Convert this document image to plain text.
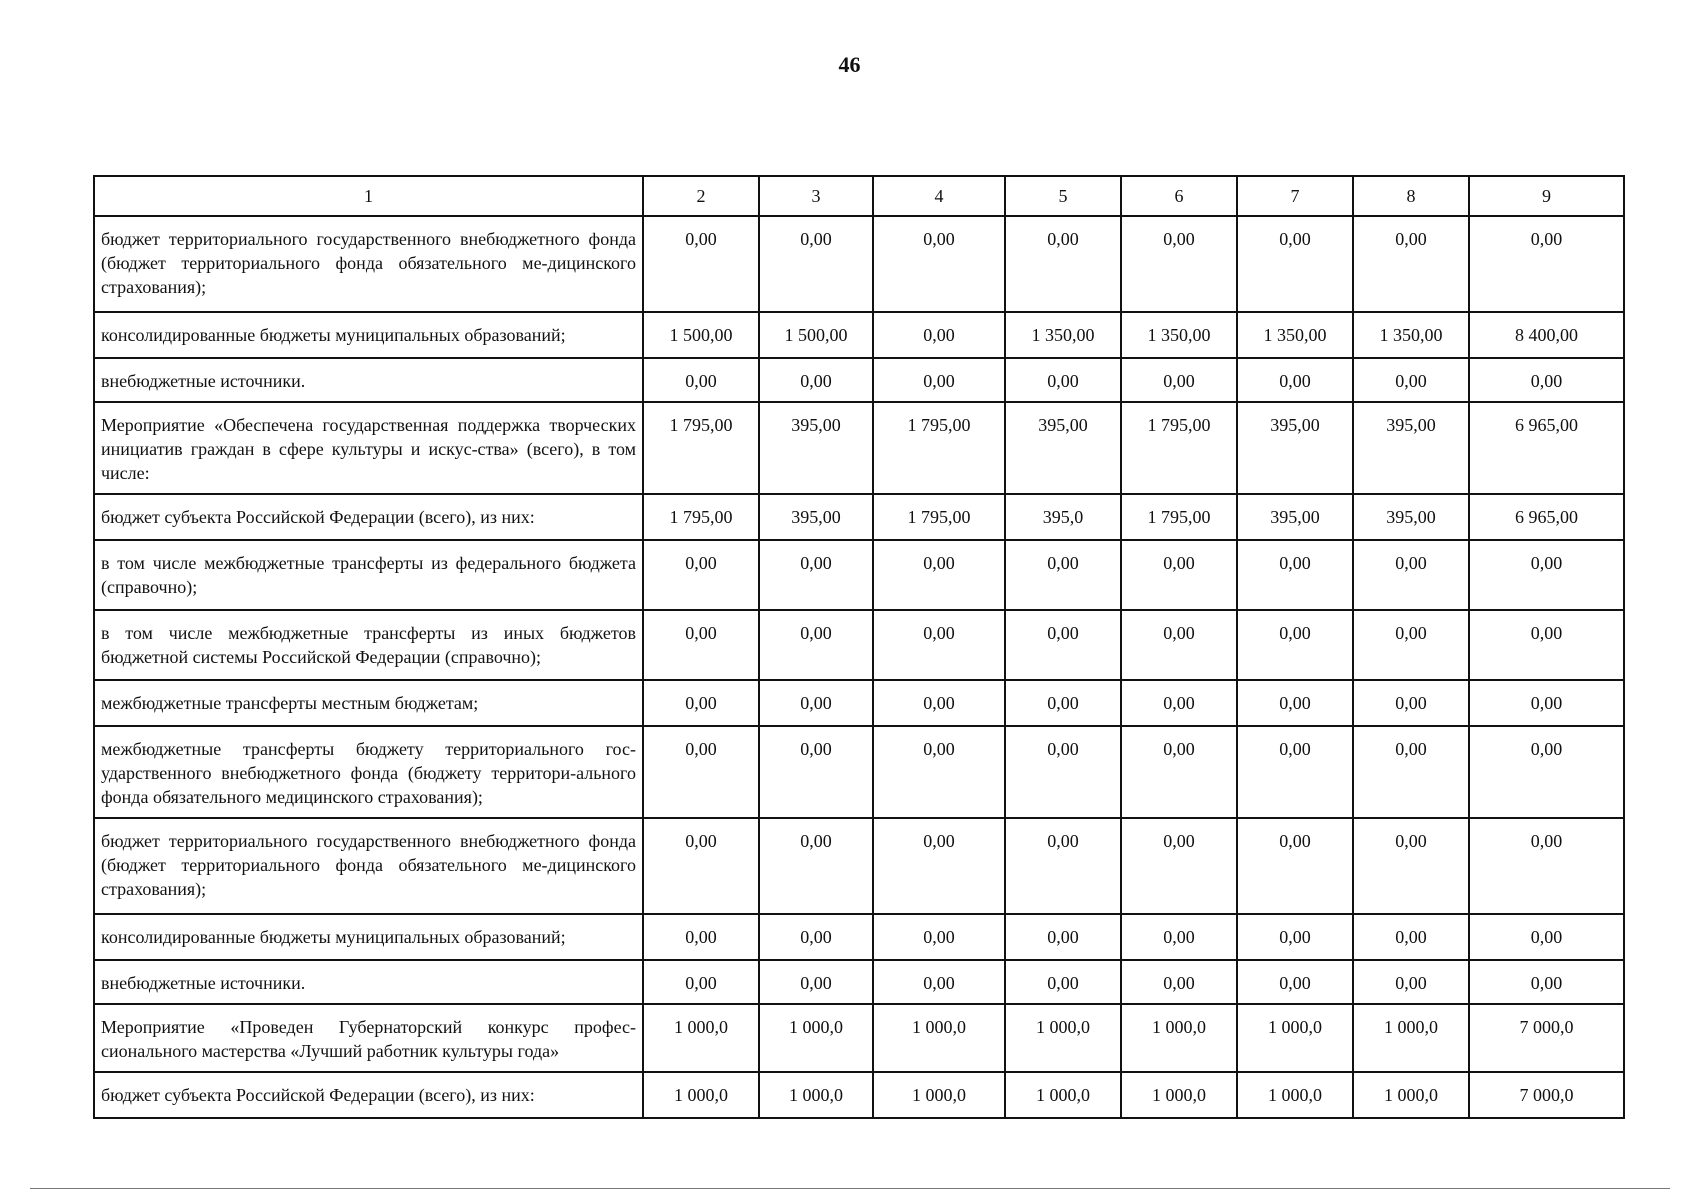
46
1	2	3	4	5	6	7	8	9
бюджет территориального государственного внебюджетного фонда (бюджет территориального фонда обязательного ме-дицинского страхования);	0,00	0,00	0,00	0,00	0,00	0,00	0,00	0,00
консолидированные бюджеты муниципальных образований;	1 500,00	1 500,00	0,00	1 350,00	1 350,00	1 350,00	1 350,00	8 400,00
внебюджетные источники.	0,00	0,00	0,00	0,00	0,00	0,00	0,00	0,00
Мероприятие «Обеспечена государственная поддержка творческих инициатив граждан в сфере культуры и искус-ства» (всего), в том числе:	1 795,00	395,00	1 795,00	395,00	1 795,00	395,00	395,00	6 965,00
бюджет субъекта Российской Федерации (всего), из них:	1 795,00	395,00	1 795,00	395,0	1 795,00	395,00	395,00	6 965,00
в том числе межбюджетные трансферты из федерального бюджета (справочно);	0,00	0,00	0,00	0,00	0,00	0,00	0,00	0,00
в том числе межбюджетные трансферты из иных бюджетов бюджетной системы Российской Федерации (справочно);	0,00	0,00	0,00	0,00	0,00	0,00	0,00	0,00
межбюджетные трансферты местным бюджетам;	0,00	0,00	0,00	0,00	0,00	0,00	0,00	0,00
межбюджетные трансферты бюджету территориального гос-ударственного внебюджетного фонда (бюджету территори-ального фонда обязательного медицинского страхования);	0,00	0,00	0,00	0,00	0,00	0,00	0,00	0,00
бюджет территориального государственного внебюджетного фонда (бюджет территориального фонда обязательного ме-дицинского страхования);	0,00	0,00	0,00	0,00	0,00	0,00	0,00	0,00
консолидированные бюджеты муниципальных образований;	0,00	0,00	0,00	0,00	0,00	0,00	0,00	0,00
внебюджетные источники.	0,00	0,00	0,00	0,00	0,00	0,00	0,00	0,00
Мероприятие «Проведен Губернаторский конкурс профес-сионального мастерства «Лучший работник культуры года»	1 000,0	1 000,0	1 000,0	1 000,0	1 000,0	1 000,0	1 000,0	7 000,0
бюджет субъекта Российской Федерации (всего), из них:	1 000,0	1 000,0	1 000,0	1 000,0	1 000,0	1 000,0	1 000,0	7 000,0
